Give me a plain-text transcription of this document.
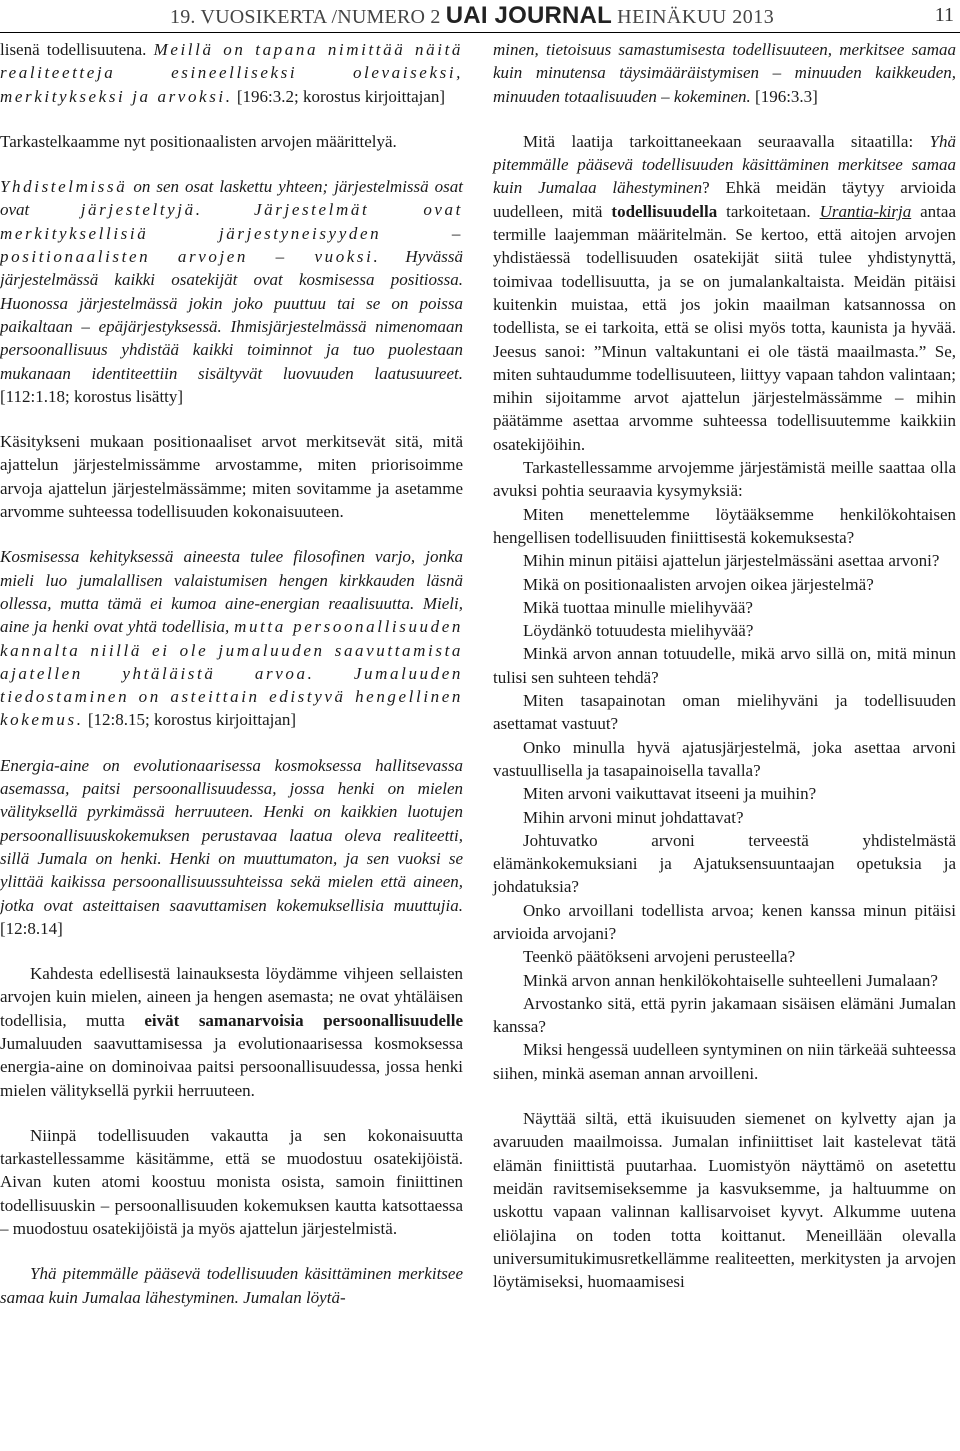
19. VUOSIKERTA /NUMERO 2 UAI JOURNAL HEINÄKUU 2013	11

lisenä todellisuutena. Meillä on tapana nimittää näitä realiteetteja esineelliseksi olevaiseksi, merkitykseksi ja arvoksi. [196:3.2; korostus kirjoittajan]

Tarkastelkaamme nyt positionaalisten arvojen määrittelyä.

Yhdistelmissä on sen osat laskettu yhteen; järjestelmissä osat ovat järjesteltyjä.	Järjestelmät ovat merkityksellisiä järjestyneisyyden – positionaalisten arvojen – vuoksi. Hyvässä järjestelmässä kaikki osatekijät ovat kosmisessa positiossa. Huonossa järjestelmässä jokin joko puuttuu tai se on poissa paikaltaan – epäjärjestyksessä. Ihmisjärjestelmässä nimenomaan persoonallisuus yhdistää kaikki toiminnot ja tuo puolestaan mukanaan identiteettiin sisältyvät luovuuden laatusuureet. [112:1.18; korostus lisätty]

Käsitykseni mukaan positionaaliset arvot merkitsevät sitä, mitä ajattelun järjestelmissämme arvostamme, miten priorisoimme arvoja ajattelun järjestelmässämme; miten sovitamme ja asetamme arvomme suhteessa todellisuuden kokonaisuuteen.

Kosmisessa kehityksessä aineesta tulee filosofinen varjo, jonka mieli luo jumalallisen valaistumisen hengen kirkkauden läsnä ollessa, mutta tämä ei kumoa aine-energian reaalisuutta. Mieli, aine ja henki ovat yhtä todellisia, mutta persoonallisuuden kannalta niillä ei ole jumaluuden saavuttamista ajatellen yhtäläistä arvoa. Jumaluuden tiedostaminen on asteittain edistyvä hengellinen kokemus. [12:8.15; korostus kirjoittajan]

Energia-aine on evolutionaarisessa kosmoksessa hallitsevassa asemassa, paitsi persoonallisuudessa, jossa henki on mielen välityksellä pyrkimässä herruuteen. Henki on kaikkien luotujen persoonallisuuskokemuksen perustavaa laatua oleva realiteetti, sillä Jumala on henki. Henki on muuttumaton, ja sen vuoksi se ylittää kaikissa persoonallisuussuhteissa sekä mielen että aineen, jotka ovat asteittaisen saavuttamisen kokemuksellisia muuttujia. [12:8.14]

Kahdesta edellisestä lainauksesta löydämme vihjeen sellaisten arvojen kuin mielen, aineen ja hengen asemasta; ne ovat yhtäläisen todellisia, mutta eivät samanarvoisia persoonallisuudelle Jumaluuden saavuttamisessa ja evolutionaarisessa kosmoksessa energia-aine on dominoivaa paitsi persoonallisuudessa, jossa henki mielen välityksellä pyrkii herruuteen.

Niinpä todellisuuden vakautta ja sen kokonaisuutta tarkastellessamme käsitämme, että se muodostuu osatekijöistä. Aivan kuten atomi koostuu monista osista, samoin finiittinen todellisuuskin – persoonallisuuden kokemuksen kautta katsottaessa – muodostuu osatekijöistä ja myös ajattelun järjestelmistä.

Yhä pitemmälle pääsevä todellisuuden käsittäminen merkitsee samaa kuin Jumalaa lähestyminen. Jumalan löytä-

minen, tietoisuus samastumisesta todellisuuteen, merkitsee samaa kuin minutensa täysimääräistymisen – minuuden kaikkeuden, minuuden totaalisuuden – kokeminen. [196:3.3]

Mitä laatija tarkoittaneekaan seuraavalla sitaatilla: Yhä pitemmälle pääsevä todellisuuden käsittäminen merkitsee samaa kuin Jumalaa lähestyminen? Ehkä meidän täytyy arvioida uudelleen, mitä todellisuudella tarkoitetaan. Urantia-kirja antaa termille laajemman määritelmän. Se kertoo, että aitojen arvojen yhdistäessä todellisuuden osatekijät siitä tulee yhdistynyttä, toimivaa todellisuutta, ja se on jumalankaltaista. Meidän pitäisi kuitenkin muistaa, että jos jokin maailman katsannossa on todellista, se ei tarkoita, että se olisi myös totta, kaunista ja hyvää. Jeesus sanoi: ”Minun valtakuntani ei ole tästä maailmasta.” Se, miten suhtaudumme todellisuuteen, liittyy vapaan tahdon valintaan; mihin sijoitamme arvot ajattelun järjestelmässämme – mihin päätämme asettaa arvomme suhteessa todellisuutemme kaikkiin osatekijöihin.

Tarkastellessamme arvojemme järjestämistä meille saattaa olla avuksi pohtia seuraavia kysymyksiä:

Miten menettelemme löytääksemme henkilökohtaisen hengellisen todellisuuden finiittisestä kokemuksesta?

Mihin minun pitäisi ajattelun järjestelmässäni asettaa arvoni?

Mikä on positionaalisten arvojen oikea järjestelmä?

Mikä tuottaa minulle mielihyvää?

Löydänkö totuudesta mielihyvää?

Minkä arvon annan totuudelle, mikä arvo sillä on, mitä minun tulisi sen suhteen tehdä?

Miten tasapainotan oman mielihyväni ja todellisuuden asettamat vastuut?

Onko minulla hyvä ajatusjärjestelmä, joka asettaa arvoni vastuullisella ja tasapainoisella tavalla?

Miten arvoni vaikuttavat itseeni ja muihin?

Mihin arvoni minut johdattavat?

Johtuvatko arvoni terveestä yhdistelmästä elämänkokemuksiani ja Ajatuksensuuntaajan opetuksia ja johdatuksia?

Onko arvoillani todellista arvoa; kenen kanssa minun pitäisi arvioida arvojani?

Teenkö päätökseni arvojeni perusteella?

Minkä arvon annan henkilökohtaiselle suhteelleni Jumalaan?

Arvostanko sitä, että pyrin jakamaan sisäisen elämäni Jumalan kanssa?

Miksi hengessä uudelleen syntyminen on niin tärkeää suhteessa siihen, minkä aseman annan arvoilleni.

Näyttää siltä, että ikuisuuden siemenet on kylvetty ajan ja avaruuden maailmoissa. Jumalan infiniittiset lait kastelevat tätä elämän finiittistä puutarhaa. Luomistyön näyttämö on asetettu meidän ravitsemiseksemme ja kasvuksemme, ja haltuumme on uskottu vapaan valinnan kallisarvoiset kyvyt. Alkumme uutena eliölajina on toden totta koittanut. Meneillään olevalla universumitukimusretkellämme realiteetten, merkitysten ja arvojen löytämiseksi, huomaamisesi
